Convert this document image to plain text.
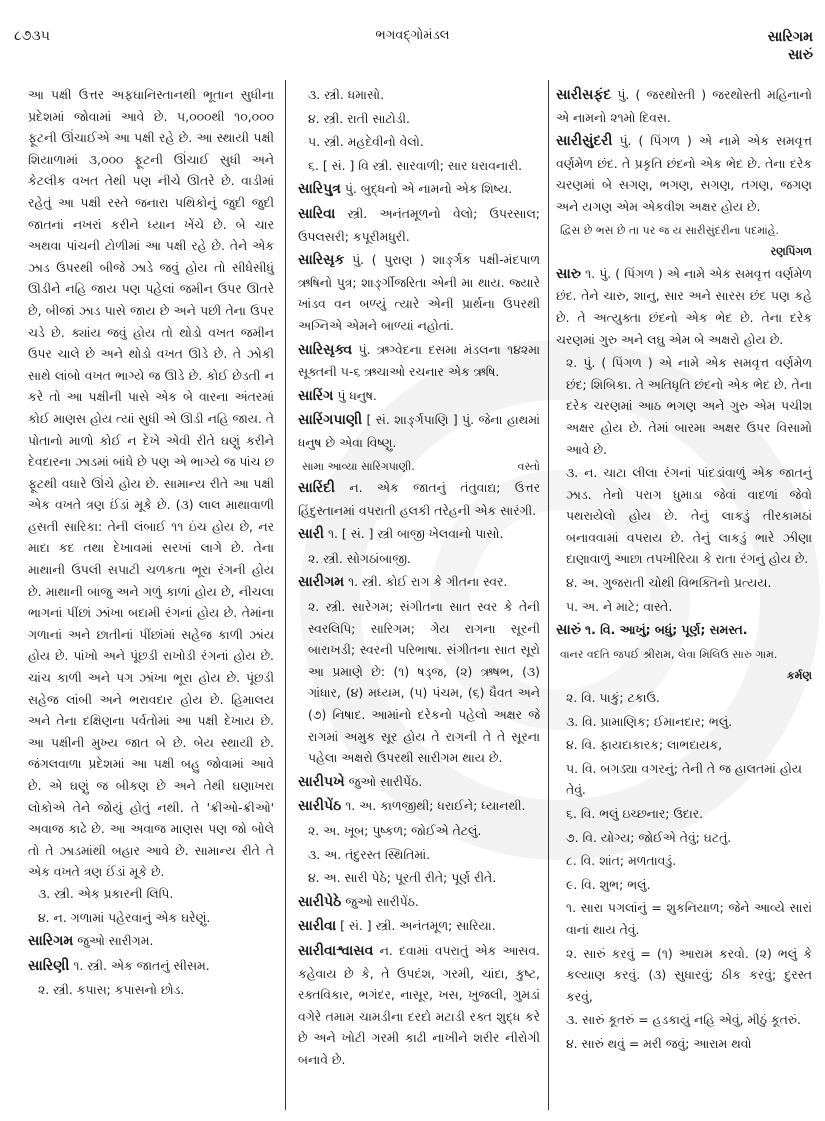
૮૭૩૫	ભગવદ્ગોમંડલ	સારિગમ
સારું

આ પક્ષી ઉત્તર અફઘાનિસ્તાનથી ભૂતાન સુધીના પ્રદેશમાં જોવામાં આવે છે. ૫,૦૦૦થી ૧૦,૦૦૦ ફૂટની ઊંચાઈએ આ પક્ષી રહે છે. આ સ્થાયી પક્ષી શિયાળામાં ૩,૦૦૦ ફૂટની ઊંચાઈ સુધી અને કેટલીક વખત તેથી પણ નીચે ઊતરે છે. વાડીમાં રહેતું આ પક્ષી રસ્તે જનારા પથિકોનું જુદી જુદી જાતનાં નખરાં કરીને ધ્યાન ખેંચે છે. બે ચાર અથવા પાંચની ટોળીમાં આ પક્ષી રહે છે. તેને એક ઝાડ ઉપરથી બીજે ઝાડે જવું હોય તો સીધેસીધું ઊડીને નહિ જાય પણ પહેલાં જમીન ઉપર ઊતરે છે, બીજાં ઝાડ પાસે જાય છે અને પછી તેના ઉપર ચડે છે. ક્યાંય જવું હોય તો થોડો વખત જમીન ઉપર ચાલે છે અને થોડો વખત ઊડે છે. તે ઝોકી સાથે લાંબો વખત ભાગ્યે જ ઊડે છે. કોઈ છેડતી ન કરે તો આ પક્ષીની પાસે એક બે વારના અંતરમાં કોઈ માણસ હોય ત્યાં સુધી એ ઊડી નહિ જાય. તે પોતાનો માળો કોઈ ન દેખે એવી રીતે ઘણું કરીને દેવદારના ઝાડમાં બાંધે છે પણ એ ભાગ્યે જ પાંચ છ ફૂટથી વધારે ઊંચે હોય છે. સામાન્ય રીતે આ પક્ષી એક વખતે ત્રણ ઈંડાં મૂકે છે. (૩) લાલ માથાવાળી હસતી સારિકા: તેની લંબાઈ ૧૧ ઇંચ હોય છે, નર માદા કદ તથા દેખાવમાં સરખાં લાગે છે. તેના માથાની ઉપલી સપાટી ચળકતા ભૂરા રંગની હોય છે. માથાની બાજુ અને ગળું કાળાં હોય છે, નીચલા ભાગનાં પીંછાં ઝાંખા બદામી રંગનાં હોય છે. તેમાંના ગળાનાં અને છાતીનાં પીંછાંમાં સહેજ કાળી ઝાંય હોય છે. પાંખો અને પૂંછડી રાખોડી રંગનાં હોય છે. ચાંચ કાળી અને પગ ઝાંખા ભૂરા હોય છે. પૂંછડી સહેજ લાંબી અને ભરાવદાર હોય છે. હિમાલય અને તેના દક્ષિણના પર્વતોમાં આ પક્ષી દેખાય છે. આ પક્ષીની મુખ્ય જાત બે છે. બેય સ્થાયી છે. જંગલવાળા પ્રદેશમાં આ પક્ષી બહુ જોવામાં આવે છે. એ ઘણું જ બીકણ છે અને તેથી ઘણાખરા લોકોએ તેને જોયું હોતું નથી. તે 'ક્રીઓ-ક્રીઓ' અવાજ કાઢે છે. આ અવાજ માણસ પણ જો બોલે તો તે ઝાડમાંથી બહાર આવે છે. સામાન્ય રીતે તે એક વખતે ત્રણ ઈંડાં મૂકે છે.

૩. સ્ત્રી. એક પ્રકારની લિપિ.
૪. ન. ગળામાં પહેરવાનું એક ઘરેણું.
સારિગમ જુઓ સારીગમ.
સારિણી ૧. સ્ત્રી. એક જાતનું સીસમ.
૨. સ્ત્રી. કપાસ; કપાસનો છોડ.
૩. સ્ત્રી. ધમાસો.
૪. સ્ત્રી. રાતી સાટોડી.
૫. સ્ત્રી. મહદેવીનો વેલો.
૬. [ સં. ] વિ સ્ત્રી. સારવાળી; સાર ધરાવનારી.
સારિપુત્ર પું. બુદ્ધનો એ નામનો એક શિષ્ય.
સારિવા સ્ત્રી. અનંતમૂળનો વેલો; ઉપરસાલ; ઉપલસરી; કપૂરીમધુરી.
સારિસૃક પું. ( પુરાણ ) શાર્ઙ્ગક પક્ષી-મંદપાળ ઋષિનો પુત્ર; શાર્ઙ્ગીજરિતા એની મા થાય. જ્યારે ખાંડવ વન બળ્યું ત્યારે એની પ્રાર્થના ઉપરથી અગ્નિએ એમને બાળ્યાં નહોતાં.
સારિસૃક્વ પું. ઋગ્વેદના દસમા મંડલના ૧૪૨મા સૂક્તની ૫-૬ ઋચાઓ રચનાર એક ઋષિ.
સારિંગ પું ધનુષ.
સારિંગપાણી [ સં. શાર્ઙ્ગપાણિ ] પું. જેના હાથમાં ધનુષ છે એવા વિષ્ણુ.
સામા આવ્યા સારિંગપાણી.	વસ્તો
સારિંદી ન. એક જાતનું તંતુવાદ્ય; ઉત્તર હિંદુસ્તાનમાં વપરાતી હલકી તરેહની એક સારંગી.
સારી ૧. [ સં. ] સ્ત્રી બાજી ખેલવાનો પાસો.
૨. સ્ત્રી. સોગઠાંબાજી.
સારીગમ ૧. સ્ત્રી. કોઈ રાગ કે ગીતના સ્વર.
૨. સ્ત્રી. સારેગમ; સંગીતના સાત સ્વર કે તેની સ્વરલિપિ; સારિગમ; ગેય રાગના સૂરની બારાખડી; સ્વરની પરિભાષા. સંગીતના સાત સૂરો આ પ્રમાણે છે: (૧) ષડ્જ, (૨) ઋષભ, (૩) ગાંધાર, (૪) મધ્યમ, (૫) પંચમ, (૬) ધૈવત અને (૭) નિષાદ. આમાંનો દરેકનો પહેલો અક્ષર જે રાગમાં અમુક સૂર હોય તે રાગની તે તે સૂરના પહેલા અક્ષરો ઉપરથી સારીગમ થાય છે.
સારીપખે જુઓ સારીપેંઠ.
સારીપેંઠ ૧. અ. કાળજીથી; ધરાઈને; ધ્યાનથી.
૨. અ. ખૂબ; પુષ્કળ; જોઈએ તેટલું.
૩. અ. તંદુરસ્ત સ્થિતિમાં.
૪. અ. સારી પેઠે; પૂરતી રીતે; પૂર્ણ રીતે.
સારીપેઠે જુઓ સારીપેંઠ.
સારીવા [ સં. ] સ્ત્રી. અનંતમૂળ; સારિયા.
સારીવાશ્વાસવ ન. દવામાં વપરાતું એક આસવ. કહેવાય છે કે, તે ઉપદંશ, ગરમી, ચાંદા, કુષ્ટ, રક્તવિકાર, ભગંદર, નાસૂર, ખસ, ખુજલી, ગુમડાં વગેરે તમામ ચામડીના દરદો મટાડી રક્ત શુદ્ધ કરે છે અને ખોટી ગરમી કાઢી નાખીને શરીર નીરોગી બનાવે છે.
સારીસફંદ પું. ( જરથોસ્તી ) જરથોસ્તી મહિનાનો એ નામનો ૨૧મો દિવસ.
સારીસુંદરી પું. ( પિંગળ ) એ નામે એક સમવૃત્ત વર્ણમેળ છંદ. તે પ્રકૃતિ છંદનો એક ભેદ છે. તેના દરેક ચરણમાં બે સગણ, ભગણ, સગણ, તગણ, જગણ અને યગણ એમ એકવીશ અક્ષર હોય છે.
દ્વિસ છે ભસ છે તા પર જ ય સારીસુંદરીના પદમાંહે.
રણપિંગળ
સારુ ૧. પું. ( પિંગળ ) એ નામે એક સમવૃત્ત વર્ણમેળ છંદ. તેને ચારુ, શાનુ, સાર અને સારસ છંદ પણ કહે છે. તે અત્યુક્તા છંદનો એક ભેદ છે. તેના દરેક ચરણમાં ગુરુ અને લઘુ એમ બે અક્ષરો હોય છે.
૨. પું. ( પિંગળ ) એ નામે એક સમવૃત્ત વર્ણમેળ છંદ; શિબિકા. તે અતિધૃતિ છંદનો એક ભેદ છે. તેના દરેક ચરણમાં આઠ ભગણ અને ગુરુ એમ પચીશ અક્ષર હોય છે. તેમાં બારમા અક્ષર ઉપર વિસામો આવે છે.
૩. ન. ચાટા લીલા રંગનાં પાંદડાંવાળું એક જાતનું ઝાડ. તેનો પરાગ ધુમાડા જેવાં વાદળાં જેવો પથરાયેલો હોય છે. તેનું લાકડું તીરકામઠાં બનાવવામાં વપરાય છે. તેનું લાકડું ભારે ઝીણા દાણાવાળું આછા તપખીરિયા કે રાતા રંગનું હોય છે.
૪. અ. ગુજરાતી ચોથી વિભક્તિનો પ્રત્યય.
૫. અ. ને માટે; વાસ્તે.
સારું ૧. વિ. આખું; બધું; પૂર્ણ; સમસ્ત.
વાનર વદતિ જપઈ શ્રીરામ, લેવા મિલિઉ સારું ગામ.
કર્મણ
૨. વિ. પાકું; ટકાઉ.
૩. વિ. પ્રામાણિક; ઈમાનદાર; ભલું.
૪. વિ. ફાયદાકારક; લાભદાયક,
૫. વિ. બગડ્યા વગરનું; તેની તે જ હાલતમાં હોય તેવું.
૬. વિ. ભલું ઇચ્છનાર; ઉદાર.
૭. વિ. યોગ્ય; જોઈએ તેવું; ઘટતું.
૮. વિ. શાંત; મળતાવડું.
૯. વિ. શુભ; ભલું.
૧. સારા પગલાંનું = શુકનિયાળ; જેને આવ્યે સારાં વાનાં થાય તેવું.
૨. સારું કરવું = (૧) આરામ કરવો. (૨) ભલું કે કલ્યાણ કરવું. (૩) સુધારવું; ઠીક કરવું; દુરસ્ત કરવું,
૩. સારું કૂતરું = હડકાયું નહિ એવું, મીઠું કૂતરું.
૪. સારું થવું = મરી જવું; આરામ થવો
